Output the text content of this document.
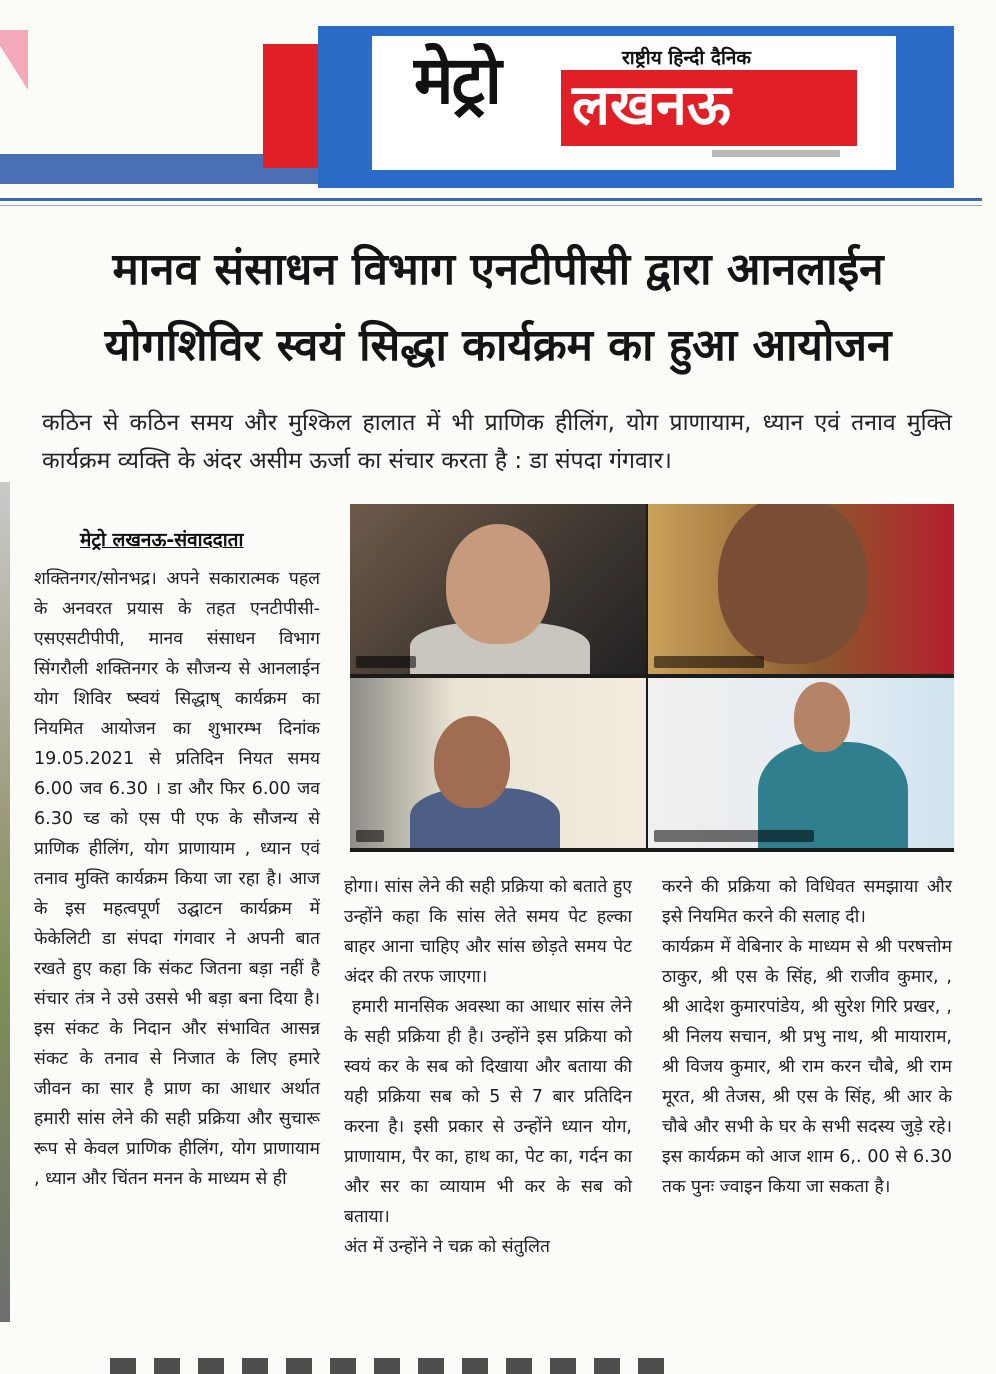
मेट्रो लखनऊ
राष्ट्रीय हिन्दी दैनिक
मानव संसाधन विभाग एनटीपीसी द्वारा आनलाईन
योगशिविर स्वयं सिद्धा कार्यक्रम का हुआ आयोजन
कठिन से कठिन समय और मुश्किल हालात में भी प्राणिक हीलिंग, योग प्राणायाम, ध्यान एवं तनाव मुक्ति कार्यक्रम व्यक्ति के अंदर असीम ऊर्जा का संचार करता है : डा संपदा गंगवार।
मेट्रो लखनऊ-संवाददाता

शक्तिनगर/सोनभद्र। अपने सकारात्मक पहल के अनवरत प्रयास के तहत एनटीपीसी- एसएसटीपीपी, मानव संसाधन विभाग सिंगरौली शक्तिनगर के सौजन्य से आनलाईन योग शिविर ष्स्वयं सिद्धाष् कार्यक्रम का नियमित आयोजन का शुभारम्भ दिनांक 19.05.2021 से प्रतिदिन नियत समय 6.00 जव 6.30 । डा और फिर 6.00 जव 6.30 च्ड को एस पी एफ के सौजन्य से प्राणिक हीलिंग, योग प्राणायाम , ध्यान एवं तनाव मुक्ति कार्यक्रम किया जा रहा है। आज के इस महत्वपूर्ण उद्घाटन कार्यक्रम में फेकेलिटी डा संपदा गंगवार ने अपनी बात रखते हुए कहा कि संकट जितना बड़ा नहीं है संचार तंत्र ने उसे उससे भी बड़ा बना दिया है। इस संकट के निदान और संभावित आसन्न संकट के तनाव से निजात के लिए हमारे जीवन का सार है प्राण का आधार अर्थात हमारी सांस लेने की सही प्रक्रिया और सुचारू रूप से केवल प्राणिक हीलिंग, योग प्राणायाम , ध्यान और चिंतन मनन के माध्यम से ही

होगा। सांस लेने की सही प्रक्रिया को बताते हुए उन्होंने कहा कि सांस लेते समय पेट हल्का बाहर आना चाहिए और सांस छोड़ते समय पेट अंदर की तरफ जाएगा।

हमारी मानसिक अवस्था का आधार सांस लेने के सही प्रक्रिया ही है। उन्होंने इस प्रक्रिया को स्वयं कर के सब को दिखाया और बताया की यही प्रक्रिया सब को 5 से 7 बार प्रतिदिन करना है। इसी प्रकार से उन्होंने ध्यान योग, प्राणायाम, पैर का, हाथ का, पेट का, गर्दन का और सर का व्यायाम भी कर के सब को बताया।

अंत में उन्होंने ने चक्र को संतुलित

करने की प्रक्रिया को विधिवत समझाया और इसे नियमित करने की सलाह दी।

कार्यक्रम में वेबिनार के माध्यम से श्री परषत्तोम ठाकुर, श्री एस के सिंह, श्री राजीव कुमार, , श्री आदेश कुमारपांडेय, श्री सुरेश गिरि प्रखर, , श्री निलय सचान, श्री प्रभु नाथ, श्री मायाराम, श्री विजय कुमार, श्री राम करन चौबे, श्री राम मूरत, श्री तेजस, श्री एस के सिंह, श्री आर के चौबे और सभी के घर के सभी सदस्य जुड़े रहे। इस कार्यक्रम को आज शाम 6,. 00 से 6.30 तक पुनः ज्वाइन किया जा सकता है।
